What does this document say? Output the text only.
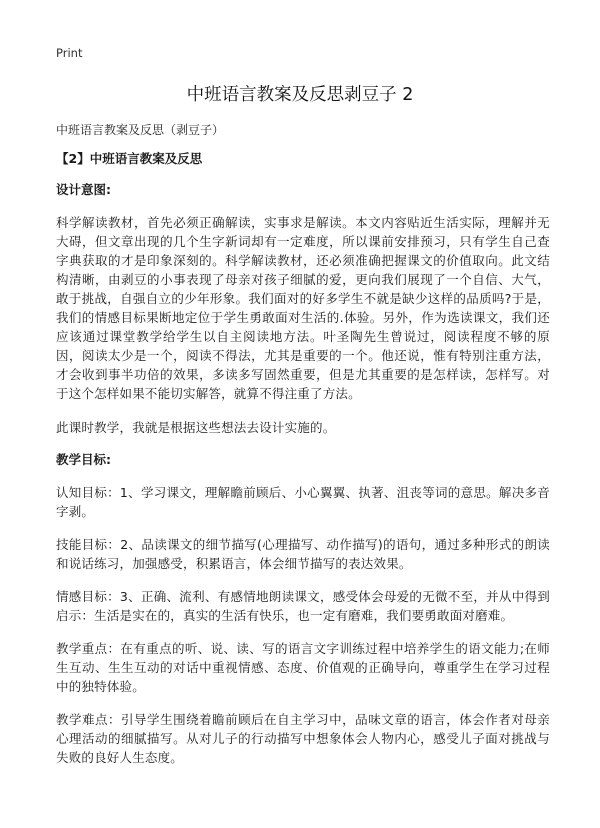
Print
中班语言教案及反思剥豆子 2
中班语言教案及反思（剥豆子）
【2】中班语言教案及反思
设计意图:

科学解读教材，首先必须正确解读，实事求是解读。本文内容贴近生活实际，理解并无大碍，但文章出现的几个生字新词却有一定难度，所以课前安排预习，只有学生自己查字典获取的才是印象深刻的。科学解读教材，还必须准确把握课文的价值取向。此文结构清晰，由剥豆的小事表现了母亲对孩子细腻的爱，更向我们展现了一个自信、大气，敢于挑战，自强自立的少年形象。我们面对的好多学生不就是缺少这样的品质吗?于是，我们的情感目标果断地定位于学生勇敢面对生活的.体验。另外，作为选读课文，我们还应该通过课堂教学给学生以自主阅读地方法。叶圣陶先生曾说过，阅读程度不够的原因，阅读太少是一个，阅读不得法，尤其是重要的一个。他还说，惟有特别注重方法，才会收到事半功倍的效果，多读多写固然重要，但是尤其重要的是怎样读，怎样写。对于这个怎样如果不能切实解答，就算不得注重了方法。

此课时教学，我就是根据这些想法去设计实施的。

教学目标:

认知目标：1、学习课文，理解瞻前顾后、小心翼翼、执著、沮丧等词的意思。解决多音字剥。

技能目标：2、品读课文的细节描写(心理描写、动作描写)的语句，通过多种形式的朗读和说话练习，加强感受，积累语言，体会细节描写的表达效果。

情感目标：3、正确、流利、有感情地朗读课文，感受体会母爱的无微不至，并从中得到启示：生活是实在的，真实的生活有快乐，也一定有磨难，我们要勇敢面对磨难。

教学重点：在有重点的听、说、读、写的语言文字训练过程中培养学生的语文能力;在师生互动、生生互动的对话中重视情感、态度、价值观的正确导向，尊重学生在学习过程中的独特体验。

教学难点：引导学生围绕着瞻前顾后在自主学习中，品味文章的语言，体会作者对母亲心理活动的细腻描写。从对儿子的行动描写中想象体会人物内心，感受儿子面对挑战与失败的良好人生态度。
